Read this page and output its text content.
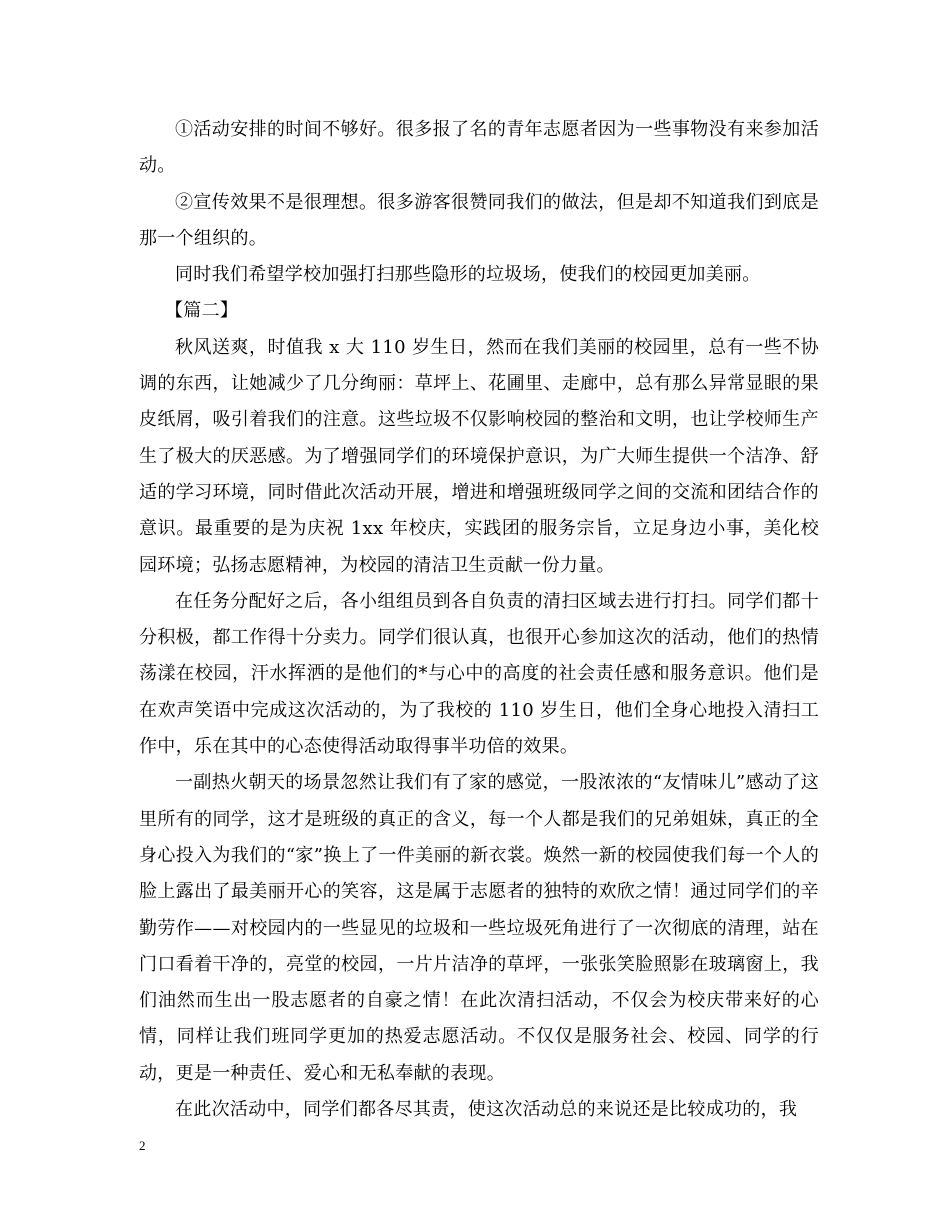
①活动安排的时间不够好。很多报了名的青年志愿者因为一些事物没有来参加活动。

②宣传效果不是很理想。很多游客很赞同我们的做法，但是却不知道我们到底是那一个组织的。

同时我们希望学校加强打扫那些隐形的垃圾场，使我们的校园更加美丽。

【篇二】

秋风送爽，时值我 x 大 110 岁生日，然而在我们美丽的校园里，总有一些不协调的东西，让她减少了几分绚丽：草坪上、花圃里、走廊中，总有那么异常显眼的果皮纸屑，吸引着我们的注意。这些垃圾不仅影响校园的整治和文明，也让学校师生产生了极大的厌恶感。为了增强同学们的环境保护意识，为广大师生提供一个洁净、舒适的学习环境，同时借此次活动开展，增进和增强班级同学之间的交流和团结合作的意识。最重要的是为庆祝 1xx 年校庆，实践团的服务宗旨，立足身边小事，美化校园环境；弘扬志愿精神，为校园的清洁卫生贡献一份力量。

在任务分配好之后，各小组组员到各自负责的清扫区域去进行打扫。同学们都十分积极，都工作得十分卖力。同学们很认真，也很开心参加这次的活动，他们的热情荡漾在校园，汗水挥洒的是他们的*与心中的高度的社会责任感和服务意识。他们是在欢声笑语中完成这次活动的，为了我校的 110 岁生日，他们全身心地投入清扫工作中，乐在其中的心态使得活动取得事半功倍的效果。

一副热火朝天的场景忽然让我们有了家的感觉，一股浓浓的“友情味儿”感动了这里所有的同学，这才是班级的真正的含义，每一个人都是我们的兄弟姐妹，真正的全身心投入为我们的“家”换上了一件美丽的新衣裳。焕然一新的校园使我们每一个人的脸上露出了最美丽开心的笑容，这是属于志愿者的独特的欢欣之情！通过同学们的辛勤劳作——对校园内的一些显见的垃圾和一些垃圾死角进行了一次彻底的清理，站在门口看着干净的，亮堂的校园，一片片洁净的草坪，一张张笑脸照影在玻璃窗上，我们油然而生出一股志愿者的自豪之情！在此次清扫活动，不仅会为校庆带来好的心情，同样让我们班同学更加的热爱志愿活动。不仅仅是服务社会、校园、同学的行动，更是一种责任、爱心和无私奉献的表现。

在此次活动中，同学们都各尽其责，使这次活动总的来说还是比较成功的，我

2
